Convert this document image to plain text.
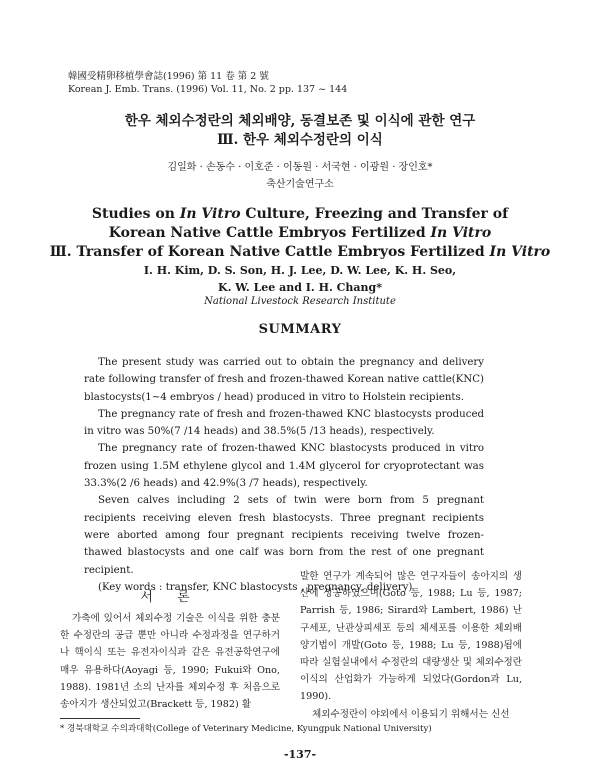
韓國受精卵移植學會誌(1996) 第 11 卷 第 2 號
Korean J. Emb. Trans. (1996) Vol. 11, No. 2 pp. 137 ~ 144
한우 체외수정란의 체외배양, 동결보존 및 이식에 관한 연구
Ⅲ. 한우 체외수정란의 이식
김일화 · 손동수 · 이호준 · 이동원 · 서국현 · 이광원 · 장인호*
축산기술연구소
Studies on In Vitro Culture, Freezing and Transfer of
Korean Native Cattle Embryos Fertilized In Vitro
Ⅲ. Transfer of Korean Native Cattle Embryos Fertilized In Vitro
I. H. Kim, D. S. Son, H. J. Lee, D. W. Lee, K. H. Seo,
K. W. Lee and I. H. Chang*
National Livestock Research Institute
SUMMARY

The present study was carried out to obtain the pregnancy and delivery rate following transfer of fresh and frozen-thawed Korean native cattle(KNC) blastocysts(1~4 embryos / head) produced in vitro to Holstein recipients.

The pregnancy rate of fresh and frozen-thawed KNC blastocysts produced in vitro was 50%(7 /14 heads) and 38.5%(5 /13 heads), respectively.

The pregnancy rate of frozen-thawed KNC blastocysts produced in vitro frozen using 1.5M ethylene glycol and 1.4M glycerol for cryoprotectant was 33.3%(2 /6 heads) and 42.9%(3 /7 heads), respectively.

Seven calves including 2 sets of twin were born from 5 pregnant recipients receiving eleven fresh blastocysts. Three pregnant recipients were aborted among four pregnant recipients receiving twelve frozen-thawed blastocysts and one calf was born from the rest of one pregnant recipient.

(Key words : transfer, KNC blastocysts , pregnancy, delivery)

서 론

가축에 있어서 체외수정 기술은 이식을 위한 충분한 수정란의 공급 뿐만 아니라 수정과정을 연구하거나 핵이식 또는 유전자이식과 같은 유전공학연구에 매우 유용하다(Aoyagi 등, 1990; Fukui와 Ono, 1988). 1981년 소의 난자를 체외수정 후 처음으로 송아지가 생산되었고(Brackett 등, 1982) 활

발한 연구가 계속되어 많은 연구자들이 송아지의 생산에 성공하였으며(Goto 등, 1988; Lu 등, 1987; Parrish 등, 1986; Sirard와 Lambert, 1986) 난구세포, 난관상피세포 등의 체세포를 이용한 체외배양기법이 개발(Goto 등, 1988; Lu 등, 1988)됨에 따라 실험실내에서 수정란의 대량생산 및 체외수정란 이식의 산업화가 가능하게 되었다(Gordon과 Lu, 1990).

체외수정란이 야외에서 이용되기 위해서는 신선

* 경북대학교 수의과대학(College of Veterinary Medicine, Kyungpuk National University)
-137-
